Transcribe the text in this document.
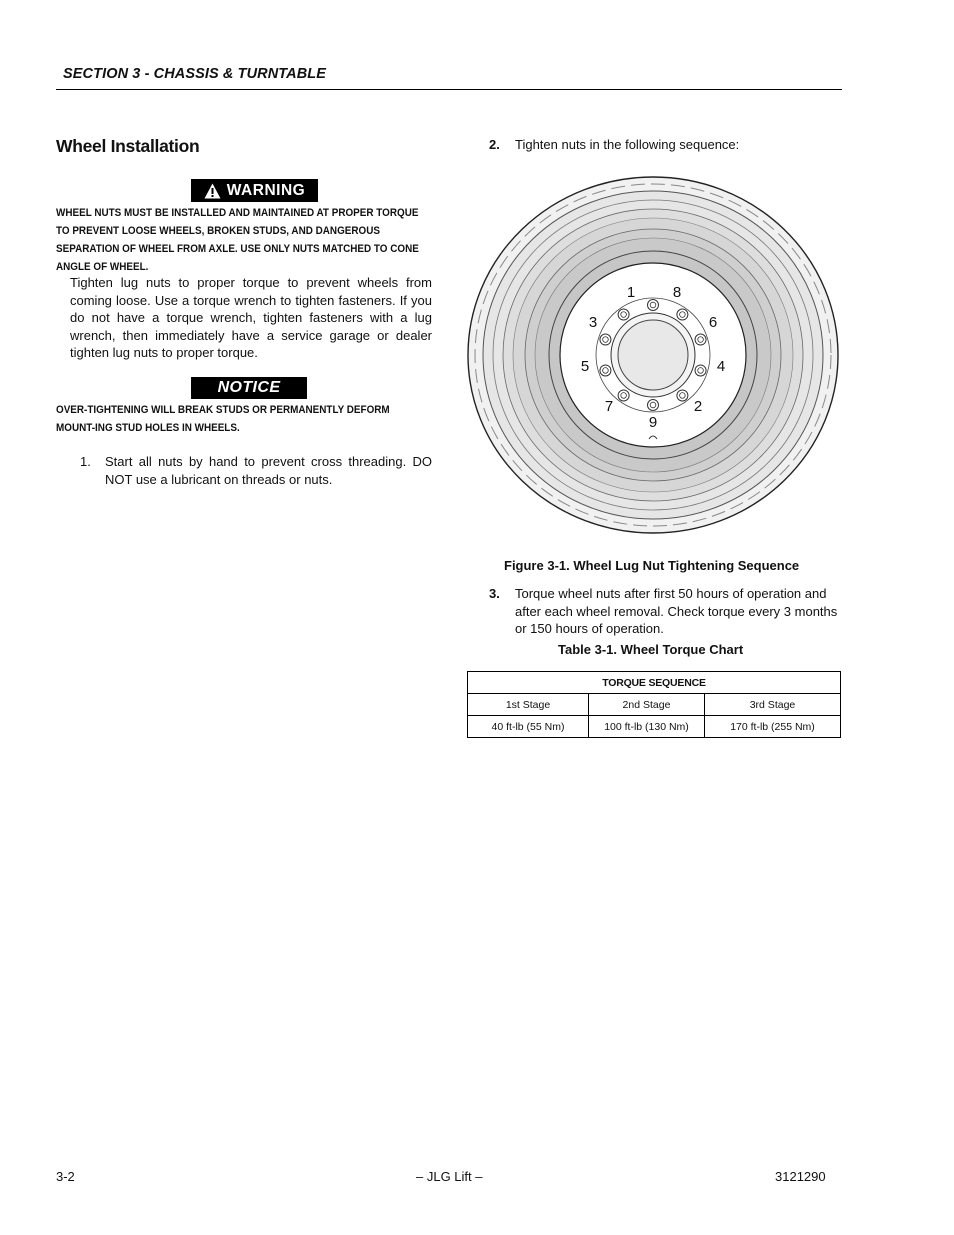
SECTION 3 - CHASSIS & TURNTABLE
Wheel Installation
WARNING
WHEEL NUTS MUST BE INSTALLED AND MAINTAINED AT PROPER TORQUE TO PREVENT LOOSE WHEELS, BROKEN STUDS, AND DANGEROUS SEPARATION OF WHEEL FROM AXLE. USE ONLY NUTS MATCHED TO CONE ANGLE OF WHEEL.
Tighten lug nuts to proper torque to prevent wheels from coming loose. Use a torque wrench to tighten fasteners. If you do not have a torque wrench, tighten fasteners with a lug wrench, then immediately have a service garage or dealer tighten lug nuts to proper torque.
NOTICE
OVER-TIGHTENING WILL BREAK STUDS OR PERMANENTLY DEFORM MOUNT-ING STUD HOLES IN WHEELS.
1. Start all nuts by hand to prevent cross threading. DO NOT use a lubricant on threads or nuts.
2. Tighten nuts in the following sequence:
1	8
3	6
5	4
7	2
9
Figure 3-1. Wheel Lug Nut Tightening Sequence
3. Torque wheel nuts after first 50 hours of operation and after each wheel removal. Check torque every 3 months or 150 hours of operation.
Table 3-1. Wheel Torque Chart
TORQUE SEQUENCE		
1st Stage	2nd Stage	3rd Stage
40 ft-lb (55 Nm)	100 ft-lb (130 Nm)	170 ft-lb (255 Nm)
3-2	– JLG Lift –	3121290
